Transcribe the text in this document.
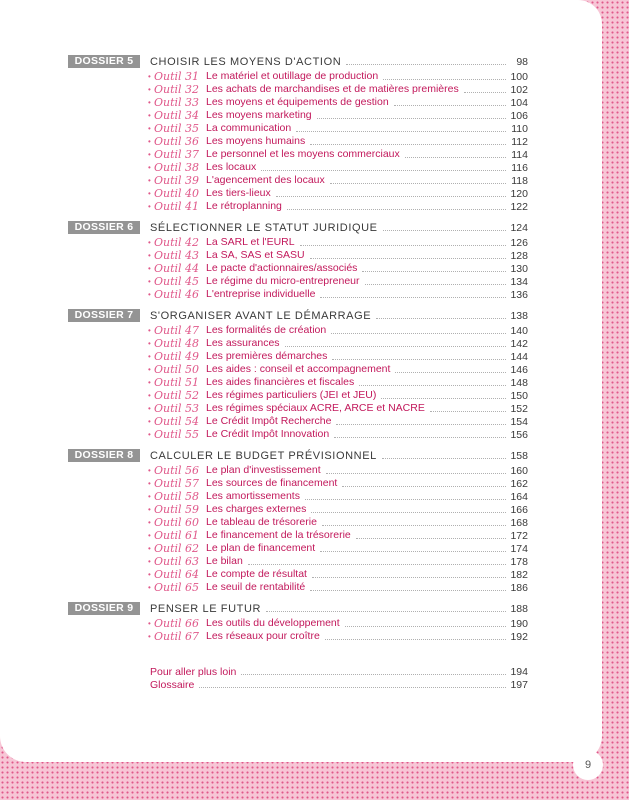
DOSSIER 5	CHOISIR LES MOYENS D'ACTION	98
• Outil 31 Le matériel et outillage de production	100
• Outil 32 Les achats de marchandises et de matières premières	102
• Outil 33 Les moyens et équipements de gestion	104
• Outil 34 Les moyens marketing	106
• Outil 35 La communication	110
• Outil 36 Les moyens humains	112
• Outil 37 Le personnel et les moyens commerciaux	114
• Outil 38 Les locaux	116
• Outil 39 L'agencement des locaux	118
• Outil 40 Les tiers-lieux	120
• Outil 41 Le rétroplanning	122
DOSSIER 6	SÉLECTIONNER LE STATUT JURIDIQUE	124
• Outil 42 La SARL et l'EURL	126
• Outil 43 La SA, SAS et SASU	128
• Outil 44 Le pacte d'actionnaires/associés	130
• Outil 45 Le régime du micro-entrepreneur	134
• Outil 46 L'entreprise individuelle	136
DOSSIER 7	S'ORGANISER AVANT LE DÉMARRAGE	138
• Outil 47 Les formalités de création	140
• Outil 48 Les assurances	142
• Outil 49 Les premières démarches	144
• Outil 50 Les aides : conseil et accompagnement	146
• Outil 51 Les aides financières et fiscales	148
• Outil 52 Les régimes particuliers (JEI et JEU)	150
• Outil 53 Les régimes spéciaux ACRE, ARCE et NACRE	152
• Outil 54 Le Crédit Impôt Recherche	154
• Outil 55 Le Crédit Impôt Innovation	156
DOSSIER 8	CALCULER LE BUDGET PRÉVISIONNEL	158
• Outil 56 Le plan d'investissement	160
• Outil 57 Les sources de financement	162
• Outil 58 Les amortissements	164
• Outil 59 Les charges externes	166
• Outil 60 Le tableau de trésorerie	168
• Outil 61 Le financement de la trésorerie	172
• Outil 62 Le plan de financement	174
• Outil 63 Le bilan	178
• Outil 64 Le compte de résultat	182
• Outil 65 Le seuil de rentabilité	186
DOSSIER 9	PENSER LE FUTUR	188
• Outil 66 Les outils du développement	190
• Outil 67 Les réseaux pour croître	192
Pour aller plus loin	194
Glossaire	197
9
